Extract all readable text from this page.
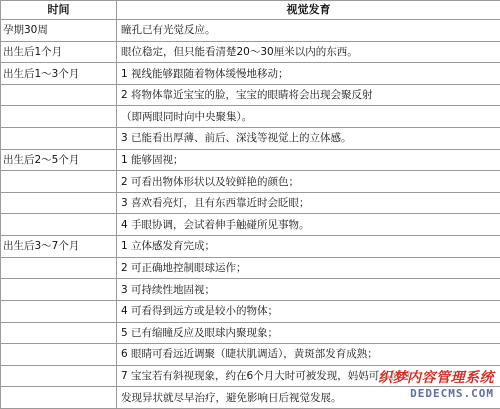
时间	视觉发育
孕期30周	瞳孔已有光觉反应。
出生后1个月	眼位稳定，但只能看清楚20～30厘米以内的东西。
出生后1～3个月	1 视线能够跟随着物体缓慢地移动；
	2 将物体靠近宝宝的脸，宝宝的眼睛将会出现会聚反射
	（即两眼同时向中央聚集）。
	3 已能看出厚薄、前后、深浅等视觉上的立体感。
出生后2～5个月	1 能够固视；
	2 可看出物体形状以及较鲜艳的颜色；
	3 喜欢看亮灯，且有东西靠近时会眨眼；
	4 手眼协调，会试着伸手触碰所见事物。
出生后3～7个月	1 立体感发育完成；
	2 可正确地控制眼球运作；
	3 可持续性地固视；
	4 可看得到远方或是较小的物体；
	5 已有缩瞳反应及眼球内聚现象；
	6 眼睛可看远近调聚（睫状肌调适），黄斑部发育成熟；
	7 宝宝若有斜视现象，约在6个月大时可被发现，妈妈可多留意，
	发现异状就尽早治疗，避免影响日后视觉发展。
织梦内容管理系统
DEDECMS.COM
